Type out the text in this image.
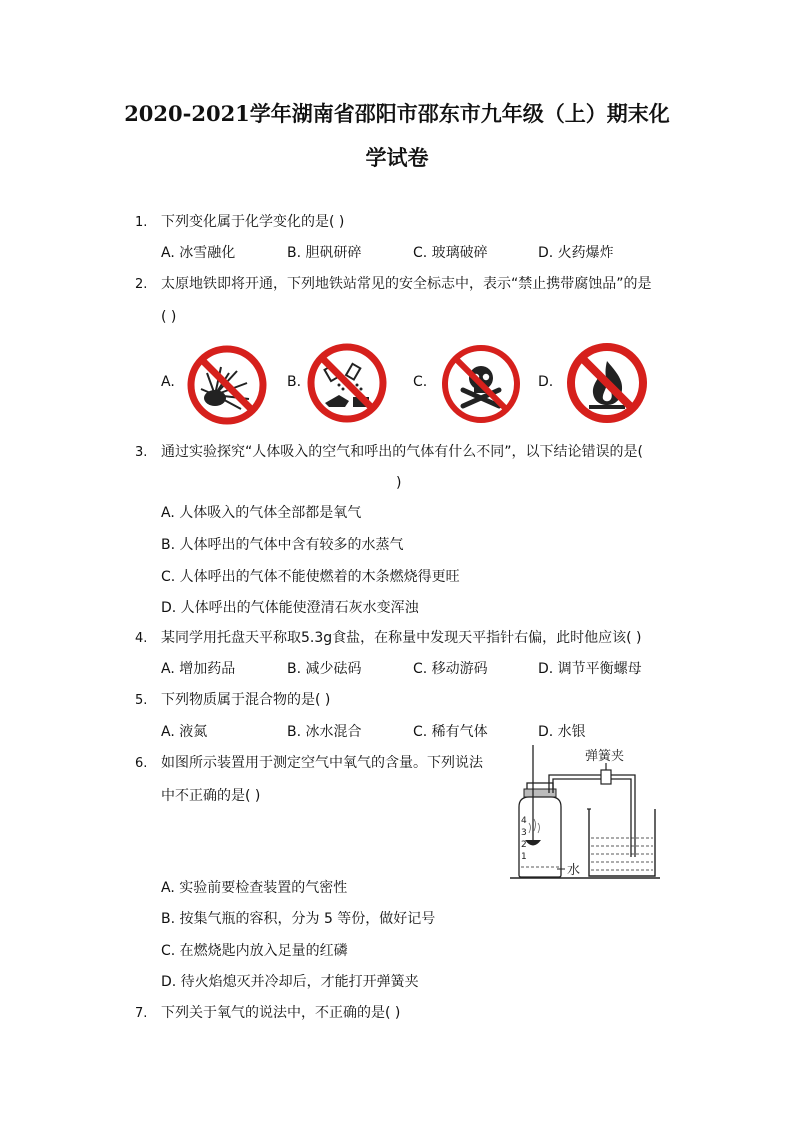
2020-2021学年湖南省邵阳市邵东市九年级（上）期末化
学试卷
1. 下列变化属于化学变化的是( )
A. 冰雪融化	B. 胆矾研碎	C. 玻璃破碎	D. 火药爆炸
2. 太原地铁即将开通，下列地铁站常见的安全标志中，表示“禁止携带腐蚀品”的是
( )
A.	B.	C.	D.
3. 通过实验探究“人体吸入的空气和呼出的气体有什么不同”，以下结论错误的是(
)
A. 人体吸入的气体全部都是氧气
B. 人体呼出的气体中含有较多的水蒸气
C. 人体呼出的气体不能使燃着的木条燃烧得更旺
D. 人体呼出的气体能使澄清石灰水变浑浊
4. 某同学用托盘天平称取5.3g食盐，在称量中发现天平指针右偏，此时他应该( )
A. 增加药品	B. 减少砝码	C. 移动游码	D. 调节平衡螺母
5. 下列物质属于混合物的是( )
A. 液氮	B. 冰水混合	C. 稀有气体	D. 水银
6. 如图所示装置用于测定空气中氧气的含量。下列说法
中不正确的是( )
4
3
2
1
弹簧夹
水
A. 实验前要检查装置的气密性
B. 按集气瓶的容积，分为 5 等份，做好记号
C. 在燃烧匙内放入足量的红磷
D. 待火焰熄灭并冷却后，才能打开弹簧夹
7. 下列关于氧气的说法中，不正确的是( )
